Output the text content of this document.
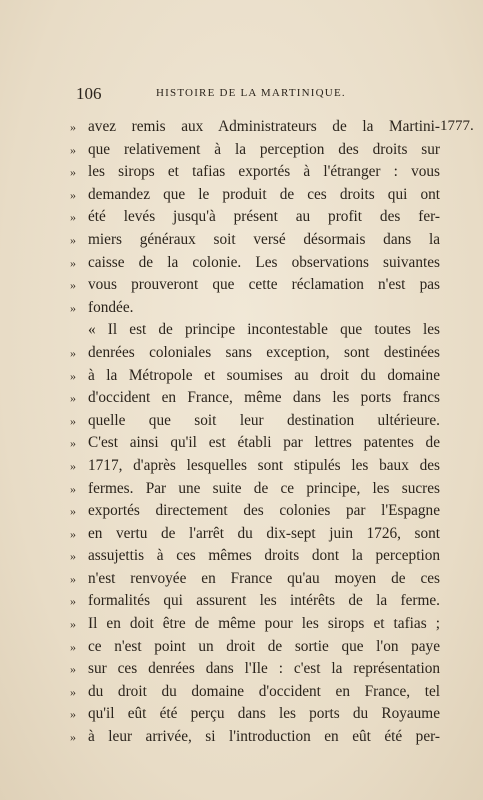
106	HISTOIRE DE LA MARTINIQUE.
1777.
» avez remis aux Administrateurs de la Martini-
» que relativement à la perception des droits sur
» les sirops et tafias exportés à l'étranger : vous
» demandez que le produit de ces droits qui ont
» été levés jusqu'à présent au profit des fer-
» miers généraux soit versé désormais dans la
» caisse de la colonie. Les observations suivantes
» vous prouveront que cette réclamation n'est pas
» fondée.
« Il est de principe incontestable que toutes les
» denrées coloniales sans exception, sont destinées
» à la Métropole et soumises au droit du domaine
» d'occident en France, même dans les ports francs
» quelle que soit leur destination ultérieure.
» C'est ainsi qu'il est établi par lettres patentes de
» 1717, d'après lesquelles sont stipulés les baux des
» fermes. Par une suite de ce principe, les sucres
» exportés directement des colonies par l'Espagne
» en vertu de l'arrêt du dix-sept juin 1726, sont
» assujettis à ces mêmes droits dont la perception
» n'est renvoyée en France qu'au moyen de ces
» formalités qui assurent les intérêts de la ferme.
» Il en doit être de même pour les sirops et tafias ;
» ce n'est point un droit de sortie que l'on paye
» sur ces denrées dans l'Ile : c'est la représentation
» du droit du domaine d'occident en France, tel
» qu'il eût été perçu dans les ports du Royaume
» à leur arrivée, si l'introduction en eût été per-
